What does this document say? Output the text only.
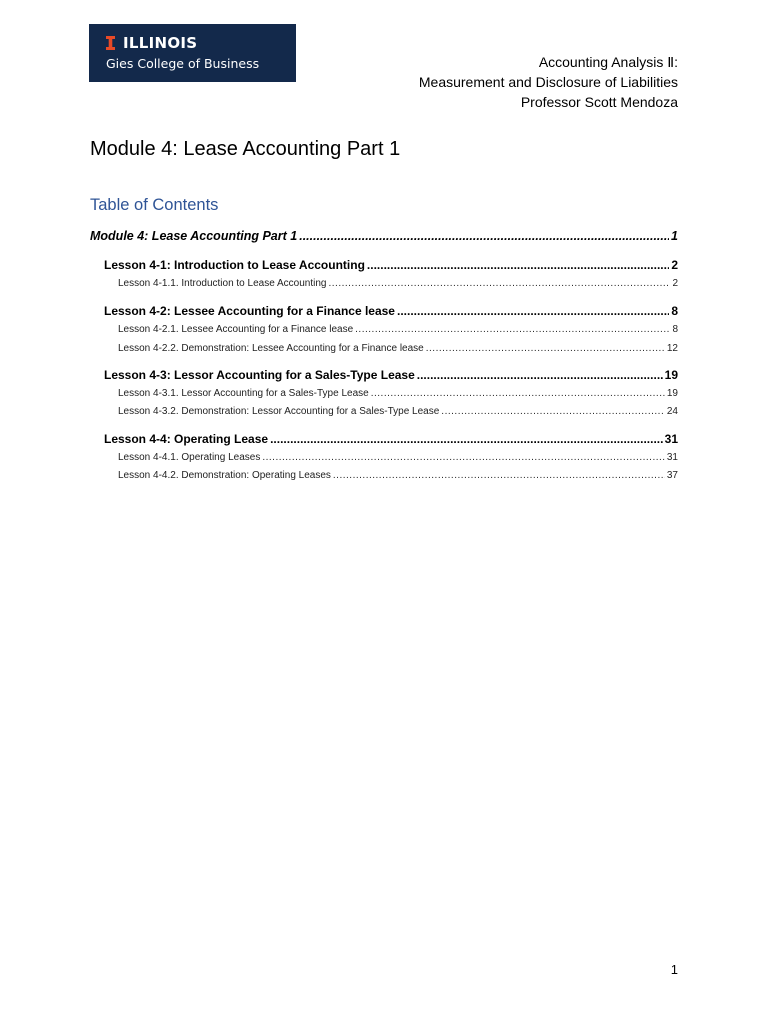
ILLINOIS
Gies College of Business	Accounting Analysis Ⅱ:
Measurement and Disclosure of Liabilities
Professor Scott Mendoza
Module 4: Lease Accounting Part 1
Table of Contents
Module 4: Lease Accounting Part 1 .....	1
Lesson 4-1: Introduction to Lease Accounting .....	2
Lesson 4-1.1. Introduction to Lease Accounting .....	2
Lesson 4-2: Lessee Accounting for a Finance lease .....	8
Lesson 4-2.1. Lessee Accounting for a Finance lease .....	8
Lesson 4-2.2. Demonstration: Lessee Accounting for a Finance lease .....	12
Lesson 4-3: Lessor Accounting for a Sales-Type Lease .....	19
Lesson 4-3.1. Lessor Accounting for a Sales-Type Lease .....	19
Lesson 4-3.2. Demonstration: Lessor Accounting for a Sales-Type Lease .....	24
Lesson 4-4: Operating Lease .....	31
Lesson 4-4.1. Operating Leases .....	31
Lesson 4-4.2. Demonstration: Operating Leases .....	37
1
